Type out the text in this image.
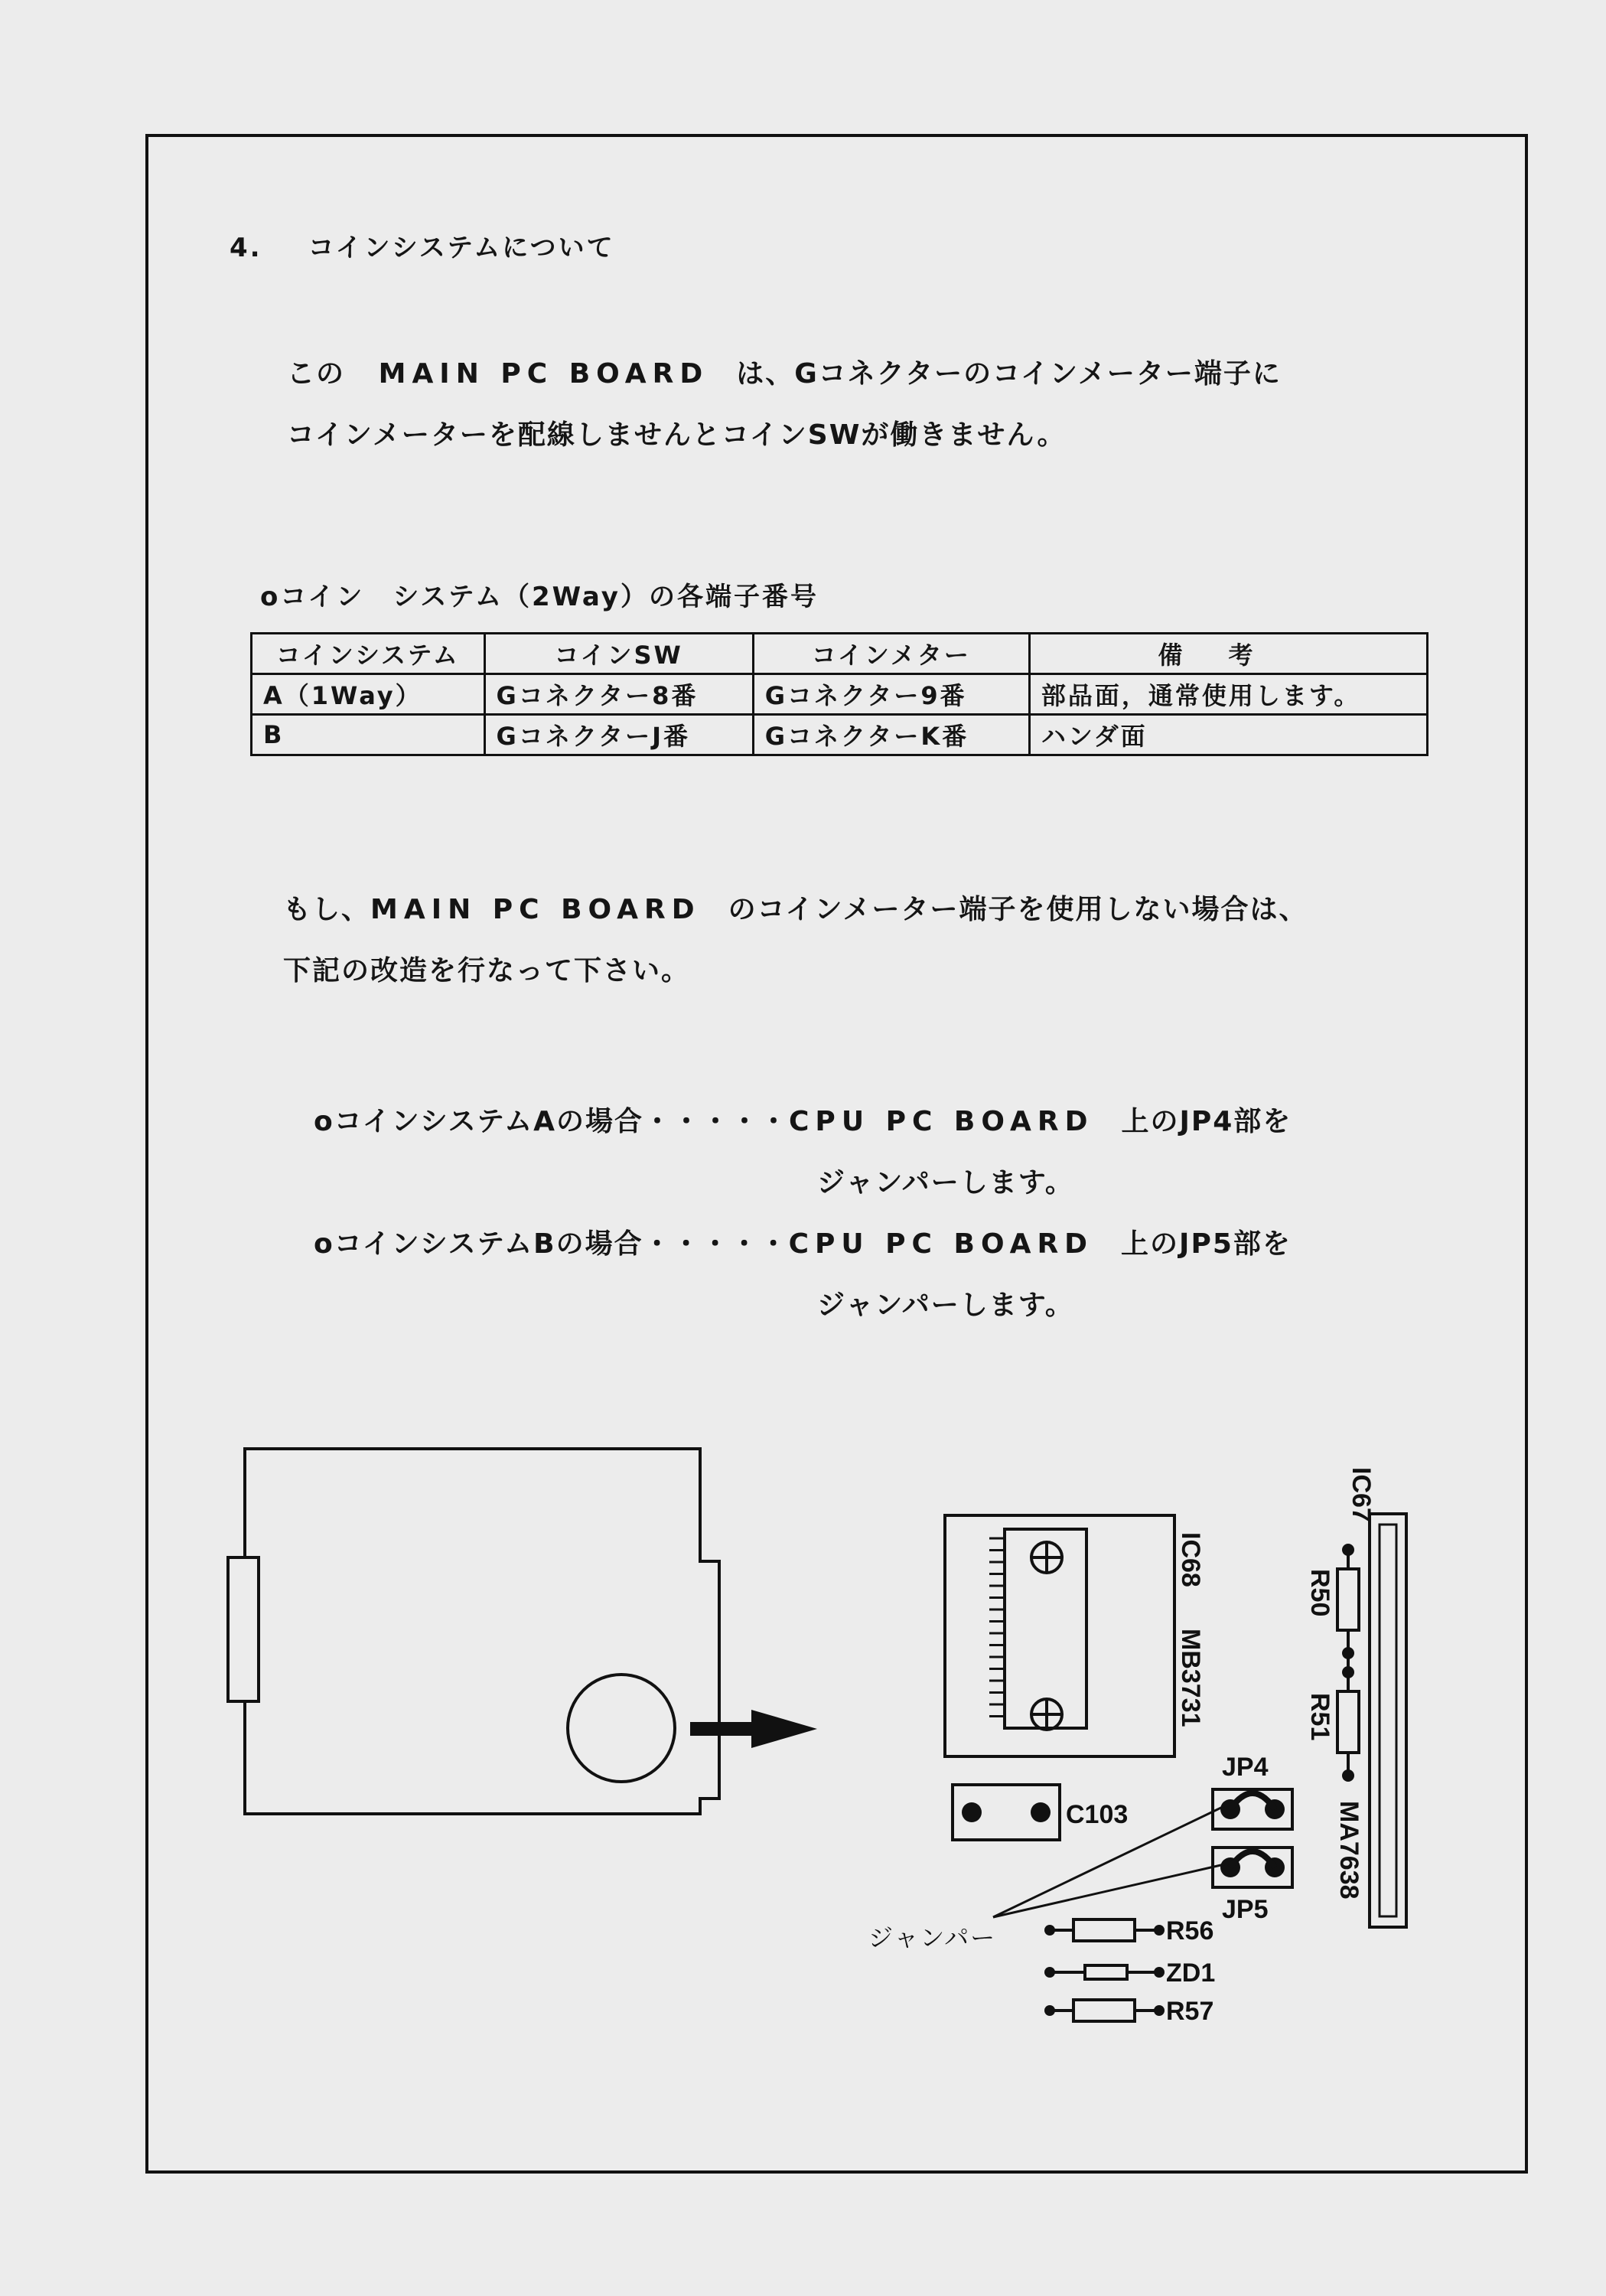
4. コインシステムについて
この MAIN PC BOARD は、Gコネクターのコインメーター端子に
コインメーターを配線しませんとコインSWが働きません。
oコイン　システム（2Way）の各端子番号
コインシステム	コインSW	コインメター	備考
A（1Way）	Gコネクター8番	Gコネクター9番	部品面，通常使用します。
B	GコネクターJ番	GコネクターK番	ハンダ面
もし、MAIN PC BOARD のコインメーター端子を使用しない場合は、
下記の改造を行なって下さい。
oコインシステムAの場合・・・・・CPU PC BOARD 上のJP4部を
ジャンパーします。
oコインシステムBの場合・・・・・CPU PC BOARD 上のJP5部を
ジャンパーします。
IC68
MB3731
C103
JP4
JP5
ジャンパー	R56
ZD1
R57
IC67
R50
R51
MA7638
